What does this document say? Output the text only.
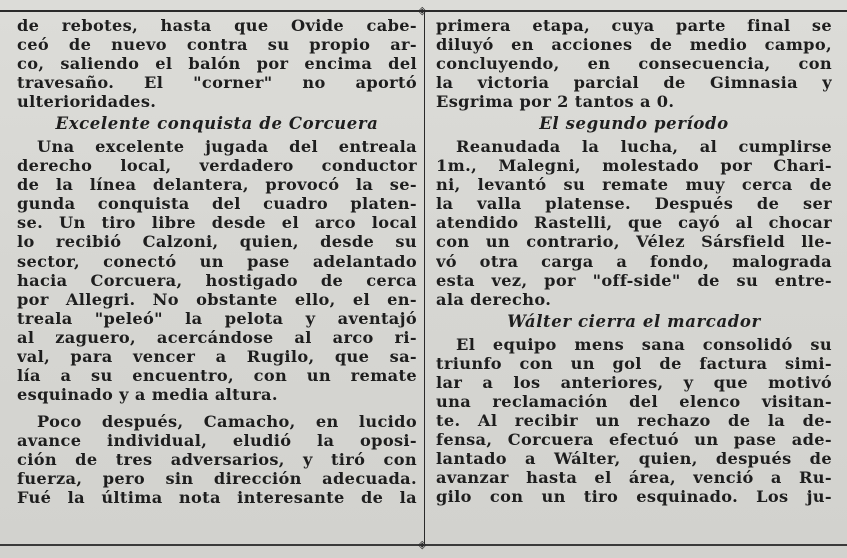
◈
◈
de rebotes, hasta que Ovide cabe-
ceó de nuevo contra su propio ar-
co, saliendo el balón por encima del
travesaño. El "corner" no aportó
ulterioridades.
Excelente conquista de Corcuera
Una excelente jugada del entreala
derecho local, verdadero conductor
de la línea delantera, provocó la se-
gunda conquista del cuadro platen-
se. Un tiro libre desde el arco local
lo recibió Calzoni, quien, desde su
sector, conectó un pase adelantado
hacia Corcuera, hostigado de cerca
por Allegri. No obstante ello, el en-
treala "peleó" la pelota y aventajó
al zaguero, acercándose al arco ri-
val, para vencer a Rugilo, que sa-
lía a su encuentro, con un remate
esquinado y a media altura.
Poco después, Camacho, en lucido
avance individual, eludió la oposi-
ción de tres adversarios, y tiró con
fuerza, pero sin dirección adecuada.
Fué la última nota interesante de la
primera etapa, cuya parte final se
diluyó en acciones de medio campo,
concluyendo, en consecuencia, con
la victoria parcial de Gimnasia y
Esgrima por 2 tantos a 0.
El segundo período
Reanudada la lucha, al cumplirse
1m., Malegni, molestado por Chari-
ni, levantó su remate muy cerca de
la valla platense. Después de ser
atendido Rastelli, que cayó al chocar
con un contrario, Vélez Sársfield lle-
vó otra carga a fondo, malograda
esta vez, por "off-side" de su entre-
ala derecho.
Wálter cierra el marcador
El equipo mens sana consolidó su
triunfo con un gol de factura simi-
lar a los anteriores, y que motivó
una reclamación del elenco visitan-
te. Al recibir un rechazo de la de-
fensa, Corcuera efectuó un pase ade-
lantado a Wálter, quien, después de
avanzar hasta el área, venció a Ru-
gilo con un tiro esquinado. Los ju-
